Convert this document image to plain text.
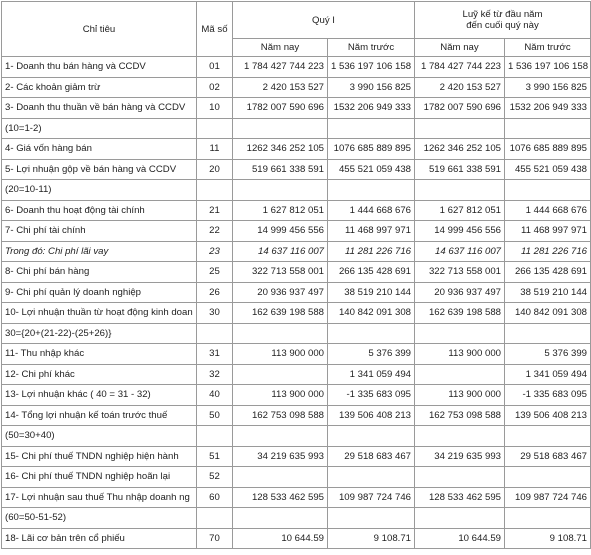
Chỉ tiêu	Mã số	Quý I		Luỹ kế từ đầu năm
đến cuối quý này	

		Năm nay	Năm trước	Năm nay	Năm trước
1- Doanh thu bán hàng và CCDV	01	1 784 427 744 223	1 536 197 106 158	1 784 427 744 223	1 536 197 106 158
2- Các khoản giảm trừ	02	2 420 153 527	3 990 156 825	2 420 153 527	3 990 156 825
3- Doanh thu thuần về bán hàng và CCDV	10	1782 007 590 696	1532 206 949 333	1782 007 590 696	1532 206 949 333
(10=1-2)					
4- Giá vốn hàng bán	11	1262 346 252 105	1076 685 889 895	1262 346 252 105	1076 685 889 895
5- Lợi nhuận gộp về bán hàng và CCDV	20	519 661 338 591	455 521 059 438	519 661 338 591	455 521 059 438
(20=10-11)					
6- Doanh thu hoạt động tài chính	21	1 627 812 051	1 444 668 676	1 627 812 051	1 444 668 676
7- Chi phí tài chính	22	14 999 456 556	11 468 997 971	14 999 456 556	11 468 997 971
Trong đó: Chi phí lãi vay	23	14 637 116 007	11 281 226 716	14 637 116 007	11 281 226 716
8- Chi phí bán hàng	25	322 713 558 001	266 135 428 691	322 713 558 001	266 135 428 691
9- Chi phí quản lý doanh nghiệp	26	20 936 937 497	38 519 210 144	20 936 937 497	38 519 210 144
10- Lợi nhuận thuần từ hoạt động kinh doan	30	162 639 198 588	140 842 091 308	162 639 198 588	140 842 091 308
30={20+(21-22)-(25+26)}					
11- Thu nhập khác	31	113 900 000	5 376 399	113 900 000	5 376 399
12- Chi phí khác	32		1 341 059 494		1 341 059 494
13- Lợi nhuận khác ( 40 = 31 - 32)	40	113 900 000	-1 335 683 095	113 900 000	-1 335 683 095
14- Tổng lợi nhuận kế toán trước thuế	50	162 753 098 588	139 506 408 213	162 753 098 588	139 506 408 213
(50=30+40)					
15- Chi phí thuế TNDN nghiệp hiện hành	51	34 219 635 993	29 518 683 467	34 219 635 993	29 518 683 467
16- Chi phí thuế TNDN nghiệp hoãn lại	52				
17- Lợi nhuận sau thuế Thu nhập doanh ng	60	128 533 462 595	109 987 724 746	128 533 462 595	109 987 724 746
(60=50-51-52)					
18- Lãi cơ bản trên cổ phiếu	70	10 644.59	9 108.71	10 644.59	9 108.71
